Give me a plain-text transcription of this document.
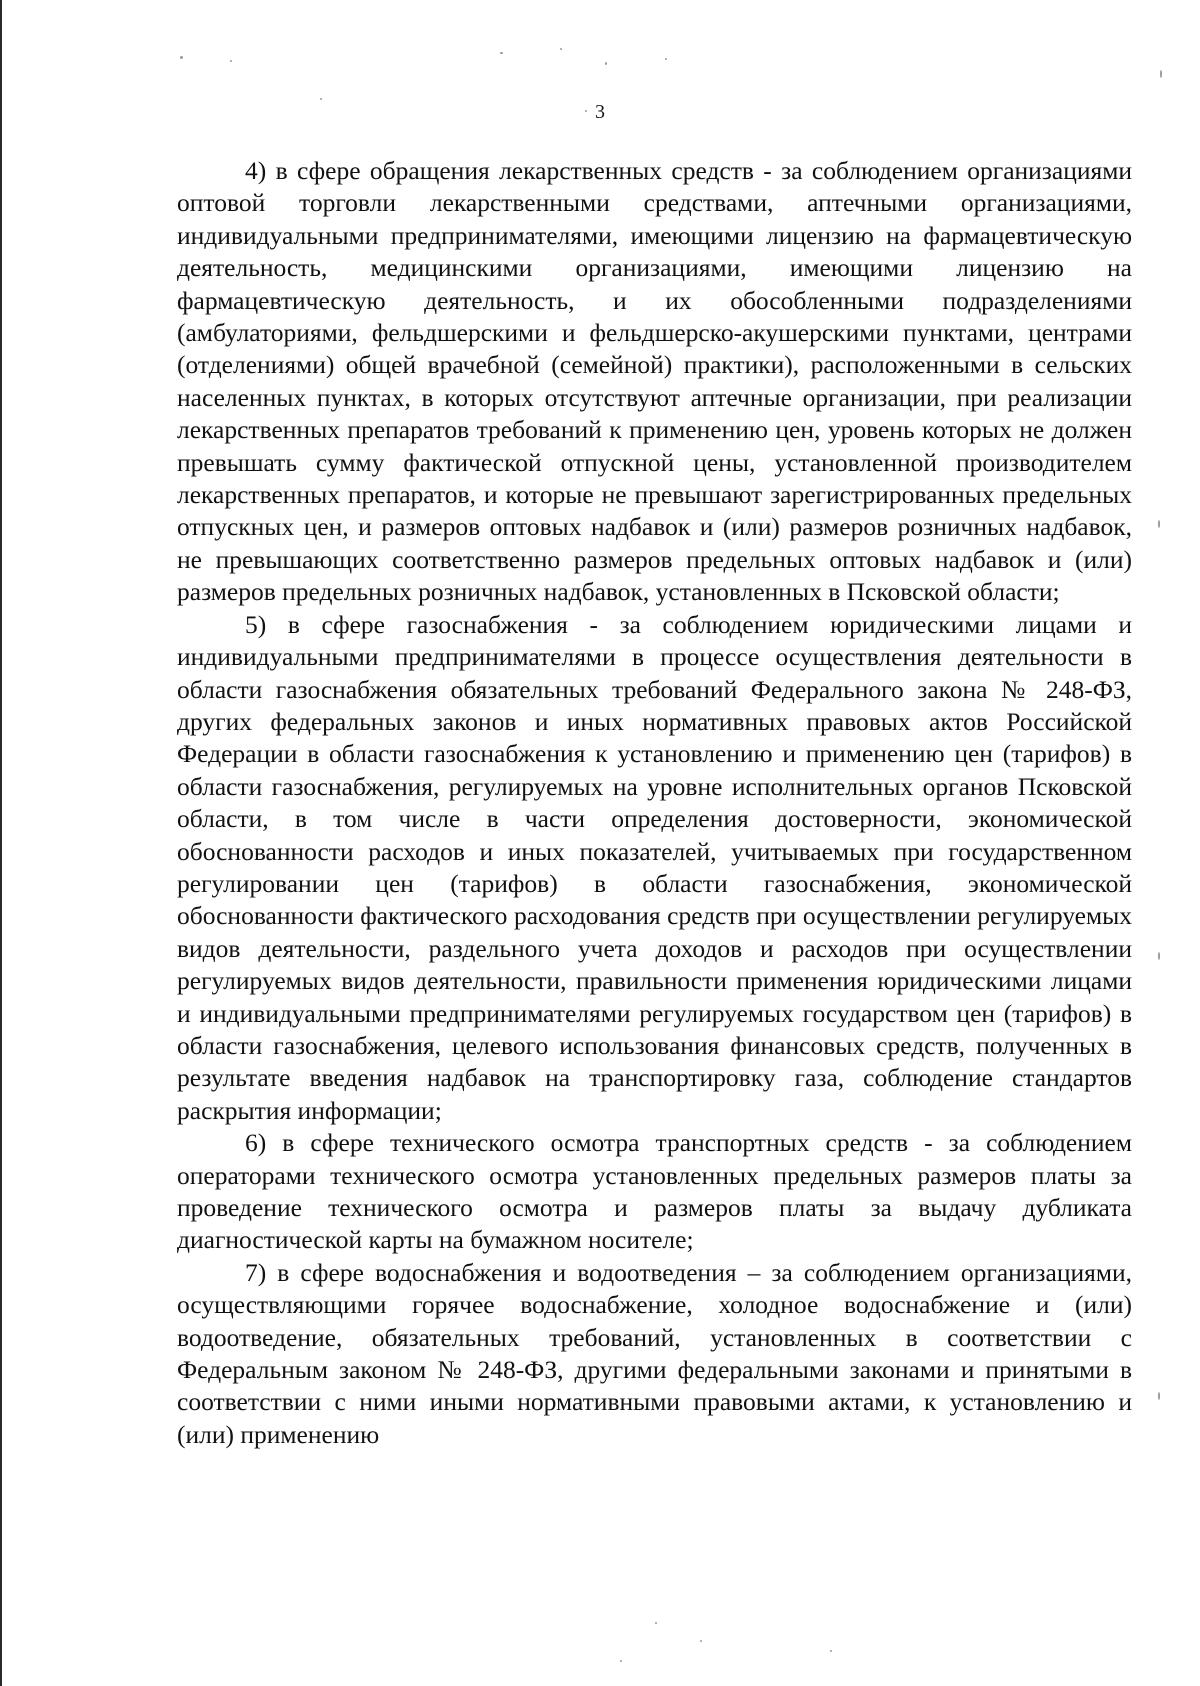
3

4) в сфере обращения лекарственных средств - за соблюдением организациями оптовой торговли лекарственными средствами, аптечными организациями, индивидуальными предпринимателями, имеющими лицензию на фармацевтическую деятельность, медицинскими организациями, имеющими лицензию на фармацевтическую деятельность, и их обособленными подразделениями (амбулаториями, фельдшерскими и фельдшерско-акушерскими пунктами, центрами (отделениями) общей врачебной (семейной) практики), расположенными в сельских населенных пунктах, в которых отсутствуют аптечные организации, при реализации лекарственных препаратов требований к применению цен, уровень которых не должен превышать сумму фактической отпускной цены, установленной производителем лекарственных препаратов, и которые не превышают зарегистрированных предельных отпускных цен, и размеров оптовых надбавок и (или) размеров розничных надбавок, не превышающих соответственно размеров предельных оптовых надбавок и (или) размеров предельных розничных надбавок, установленных в Псковской области;

5) в сфере газоснабжения - за соблюдением юридическими лицами и индивидуальными предпринимателями в процессе осуществления деятельности в области газоснабжения обязательных требований Федерального закона № 248-ФЗ, других федеральных законов и иных нормативных правовых актов Российской Федерации в области газоснабжения к установлению и применению цен (тарифов) в области газоснабжения, регулируемых на уровне исполнительных органов Псковской области, в том числе в части определения достоверности, экономической обоснованности расходов и иных показателей, учитываемых при государственном регулировании цен (тарифов) в области газоснабжения, экономической обоснованности фактического расходования средств при осуществлении регулируемых видов деятельности, раздельного учета доходов и расходов при осуществлении регулируемых видов деятельности, правильности применения юридическими лицами и индивидуальными предпринимателями регулируемых государством цен (тарифов) в области газоснабжения, целевого использования финансовых средств, полученных в результате введения надбавок на транспортировку газа, соблюдение стандартов раскрытия информации;

6) в сфере технического осмотра транспортных средств - за соблюдением операторами технического осмотра установленных предельных размеров платы за проведение технического осмотра и размеров платы за выдачу дубликата диагностической карты на бумажном носителе;

7) в сфере водоснабжения и водоотведения – за соблюдением организациями, осуществляющими горячее водоснабжение, холодное водоснабжение и (или) водоотведение, обязательных требований, установленных в соответствии с Федеральным законом № 248-ФЗ, другими федеральными законами и принятыми в соответствии с ними иными нормативными правовыми актами, к установлению и (или) применению
